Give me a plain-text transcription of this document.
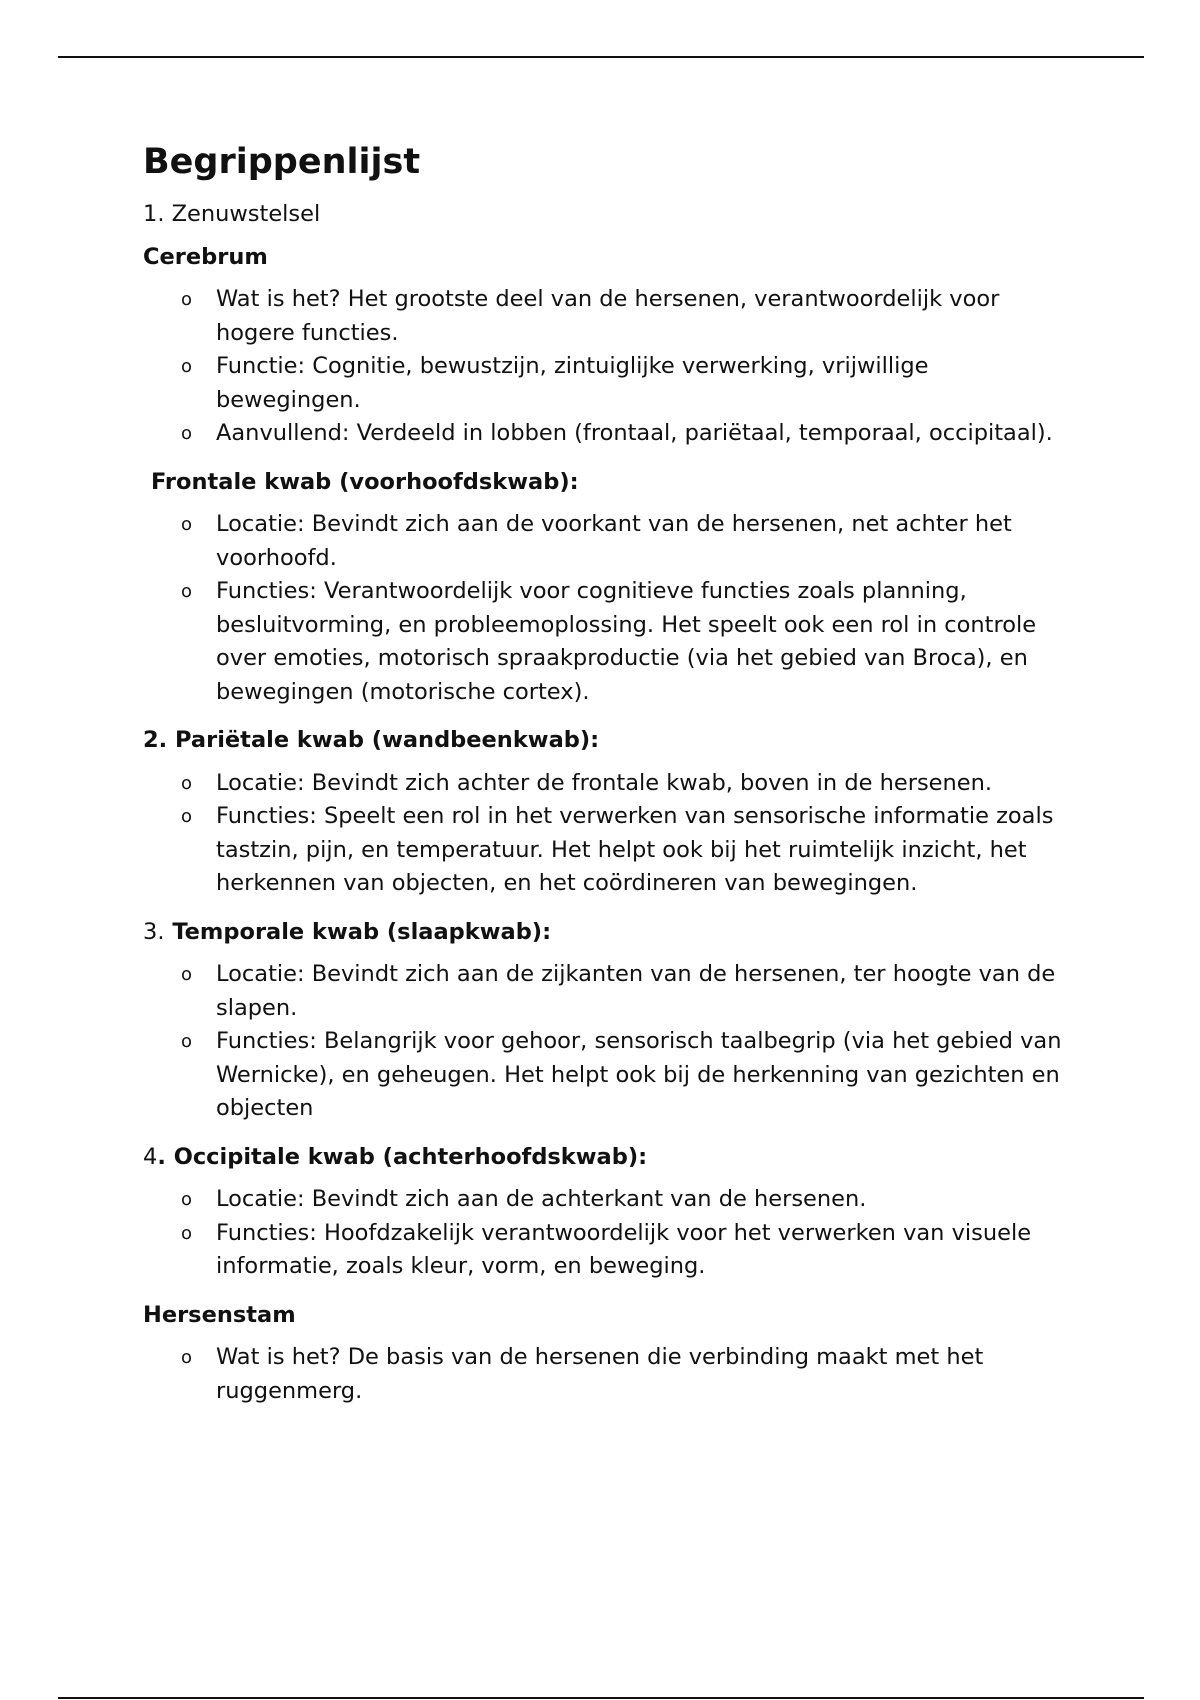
Begrippenlijst
1. Zenuwstelsel
Cerebrum
o Wat is het? Het grootste deel van de hersenen, verantwoordelijk voor hogere functies.
o Functie: Cognitie, bewustzijn, zintuiglijke verwerking, vrijwillige bewegingen.
o Aanvullend: Verdeeld in lobben (frontaal, pariëtaal, temporaal, occipitaal).
Frontale kwab (voorhoofdskwab):
o Locatie: Bevindt zich aan de voorkant van de hersenen, net achter het voorhoofd.
o Functies: Verantwoordelijk voor cognitieve functies zoals planning, besluitvorming, en probleemoplossing. Het speelt ook een rol in controle over emoties, motorisch spraakproductie (via het gebied van Broca), en bewegingen (motorische cortex).
2. Pariëtale kwab (wandbeenkwab):
o Locatie: Bevindt zich achter de frontale kwab, boven in de hersenen.
o Functies: Speelt een rol in het verwerken van sensorische informatie zoals tastzin, pijn, en temperatuur. Het helpt ook bij het ruimtelijk inzicht, het herkennen van objecten, en het coördineren van bewegingen.
3. Temporale kwab (slaapkwab):
o Locatie: Bevindt zich aan de zijkanten van de hersenen, ter hoogte van de slapen.
o Functies: Belangrijk voor gehoor, sensorisch taalbegrip (via het gebied van Wernicke), en geheugen. Het helpt ook bij de herkenning van gezichten en objecten
4. Occipitale kwab (achterhoofdskwab):
o Locatie: Bevindt zich aan de achterkant van de hersenen.
o Functies: Hoofdzakelijk verantwoordelijk voor het verwerken van visuele informatie, zoals kleur, vorm, en beweging.
Hersenstam
o Wat is het? De basis van de hersenen die verbinding maakt met het ruggenmerg.
